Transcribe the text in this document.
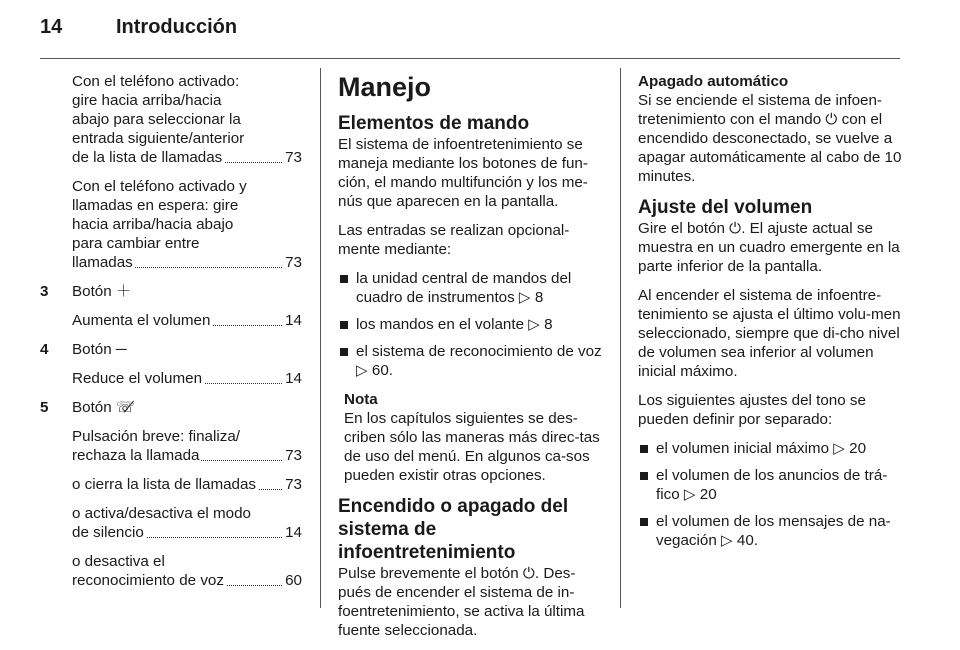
14	Introducción
Con el teléfono activado:
gire hacia arriba/hacia
abajo para seleccionar la
entrada siguiente/anterior
de la lista de llamadas	73
Con el teléfono activado y
llamadas en espera: gire
hacia arriba/hacia abajo
para cambiar entre
llamadas	73
3 Botón ＋
Aumenta el volumen	14
4 Botón ─
Reduce el volumen	14
5 Botón ☏̸
Pulsación breve: finaliza/
rechaza la llamada	73
o cierra la lista de llamadas 73
o activa/desactiva el modo
de silencio	14
o desactiva el
reconocimiento de voz	60
Manejo
Elementos de mando

El sistema de infoentretenimiento se maneja mediante los botones de fun-ción, el mando multifunción y los me-nús que aparecen en la pantalla.

Las entradas se realizan opcional-mente mediante:

la unidad central de mandos del cuadro de instrumentos ▷ 8
los mandos en el volante ▷ 8
el sistema de reconocimiento de voz ▷ 60.
Nota
En los capítulos siguientes se des-criben sólo las maneras más direc-tas de uso del menú. En algunos ca-sos pueden existir otras opciones.
Encendido o apagado del sistema de infoentretenimiento

Pulse brevemente el botón ⏻. Des-pués de encender el sistema de in-foentretenimiento, se activa la última fuente seleccionada.

Apagado automático

Si se enciende el sistema de infoen-tretenimiento con el mando ⏻ con el encendido desconectado, se vuelve a apagar automáticamente al cabo de 10 minutes.

Ajuste del volumen

Gire el botón ⏻. El ajuste actual se muestra en un cuadro emergente en la parte inferior de la pantalla.

Al encender el sistema de infoentre-tenimiento se ajusta el último volu-men seleccionado, siempre que di-cho nivel de volumen sea inferior al volumen inicial máximo.

Los siguientes ajustes del tono se pueden definir por separado:

el volumen inicial máximo ▷ 20
el volumen de los anuncios de trá-fico ▷ 20
el volumen de los mensajes de na-vegación ▷ 40.
